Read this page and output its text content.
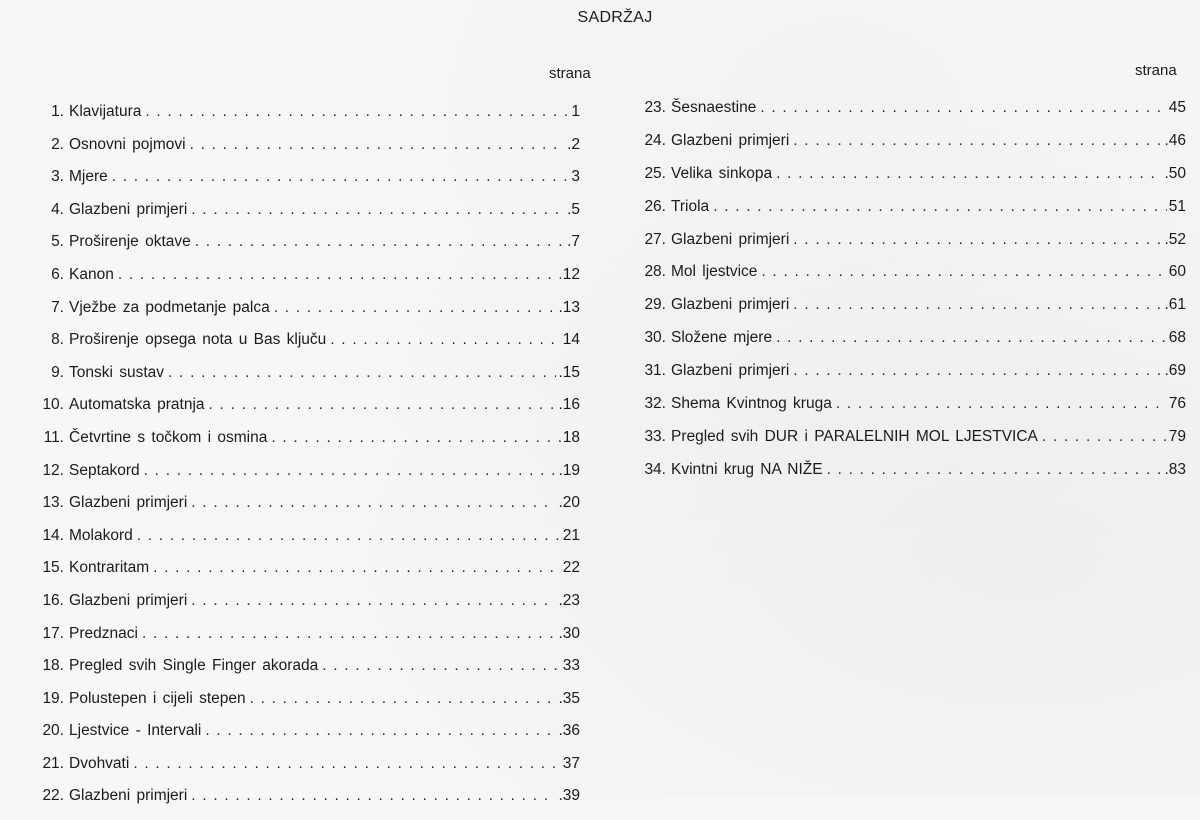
SADRŽAJ
strana	strana
1. Klavijatura . . .	1
2. Osnovni pojmovi . . .	.2
3. Mjere . . .	3
4. Glazbeni primjeri . . .	.5
5. Proširenje oktave . . .	.7
6. Kanon . . .	12
7. Vježbe za podmetanje palca . . .	.13
8. Proširenje opsega nota u Bas ključu . . .	14
9. Tonski sustav . . .	.15
10. Automatska pratnja . . .	.16
11. Četvrtine s točkom i osmina . . .	18
12. Septakord . . .	.19
13. Glazbeni primjeri . . .	.20
14. Molakord . . .	21
15. Kontraritam . . .	22
16. Glazbeni primjeri . . .	.23
17. Predznaci . . .	.30
18. Pregled svih Single Finger akorada . . .	33
19. Polustepen i cijeli stepen . . .	.35
20. Ljestvice - Intervali . . .	.36
21. Dvohvati . . .	37
22. Glazbeni primjeri . . .	.39
23. Šesnaestine . . .	45
24. Glazbeni primjeri . . .	.46
25. Velika sinkopa . . .	.50
26. Triola . . .	51
27. Glazbeni primjeri . . .	.52
28. Mol ljestvice . . .	60
29. Glazbeni primjeri . . .	.61
30. Složene mjere . . .	68
31. Glazbeni primjeri . . .	.69
32. Shema Kvintnog kruga . . .	76
33. Pregled svih DUR i PARALELNIH MOL LJESTVICA . . .	79
34. Kvintni krug NA NIŽE . . .	.83
